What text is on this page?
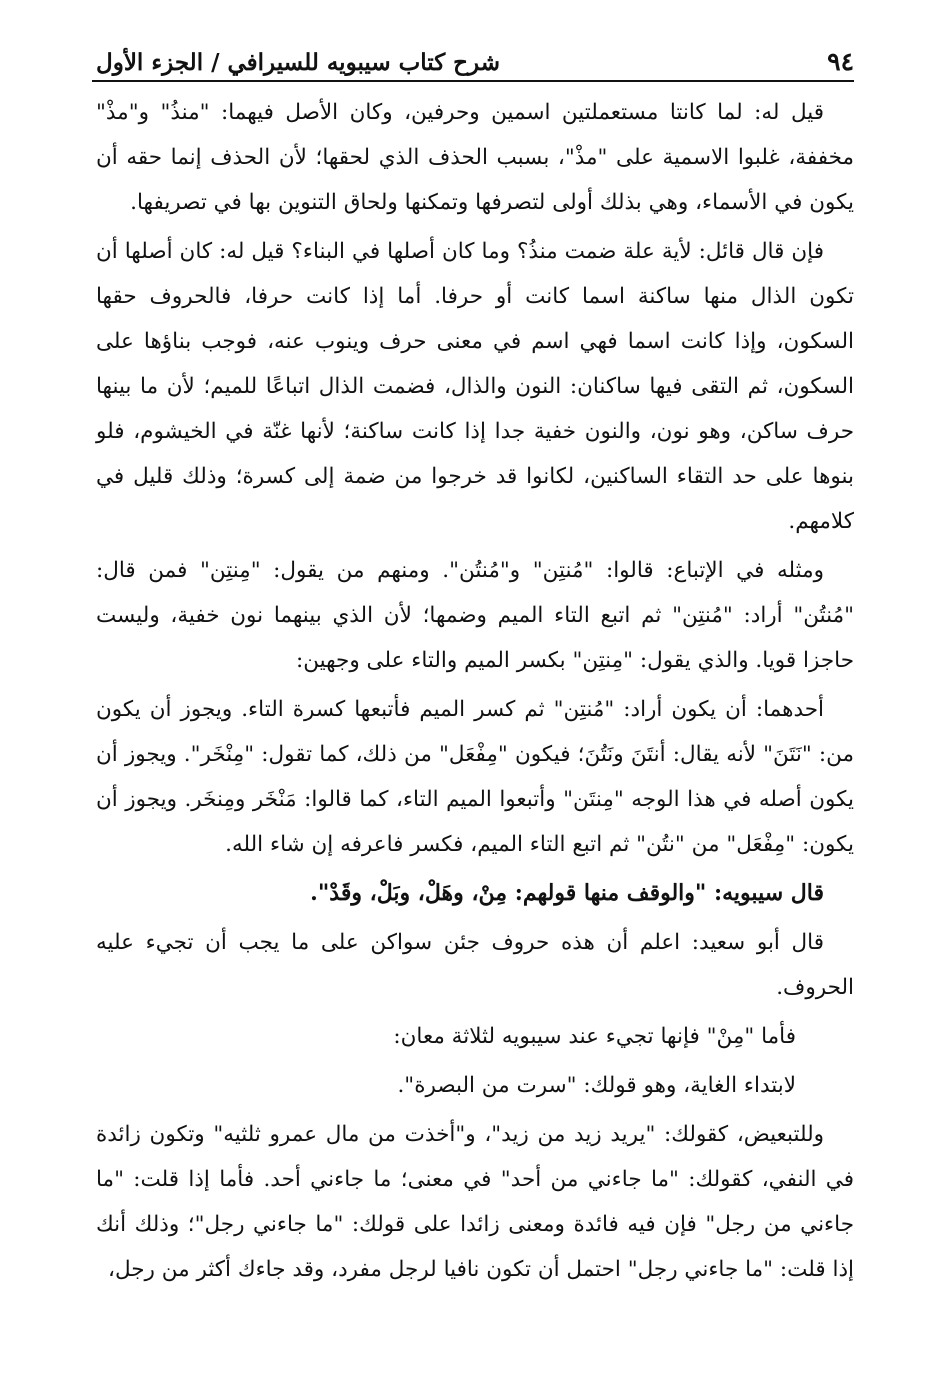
٩٤
شرح كتاب سيبويه للسيرافي / الجزء الأول

قيل له: لما كانتا مستعملتين اسمين وحرفين، وكان الأصل فيهما: "منذُ" و"مذْ" مخففة، غلبوا الاسمية على "مذْ"، بسبب الحذف الذي لحقها؛ لأن الحذف إنما حقه أن يكون في الأسماء، وهي بذلك أولى لتصرفها وتمكنها ولحاق التنوين بها في تصريفها.

فإن قال قائل: لأية علة ضمت منذُ؟ وما كان أصلها في البناء؟ قيل له: كان أصلها أن تكون الذال منها ساكنة اسما كانت أو حرفا. أما إذا كانت حرفا، فالحروف حقها السكون، وإذا كانت اسما فهي اسم في معنى حرف وينوب عنه، فوجب بناؤها على السكون، ثم التقى فيها ساكنان: النون والذال، فضمت الذال اتباعًا للميم؛ لأن ما بينها حرف ساكن، وهو نون، والنون خفية جدا إذا كانت ساكنة؛ لأنها غنّة في الخيشوم، فلو بنوها على حد التقاء الساكنين، لكانوا قد خرجوا من ضمة إلى كسرة؛ وذلك قليل في كلامهم.

ومثله في الإتباع: قالوا: "مُنتِن" و"مُنتُن". ومنهم من يقول: "مِنتِن" فمن قال: "مُنتُن" أراد: "مُنتِن" ثم اتبع التاء الميم وضمها؛ لأن الذي بينهما نون خفية، وليست حاجزا قويا. والذي يقول: "مِنتِن" بكسر الميم والتاء على وجهين:

أحدهما: أن يكون أراد: "مُنتِن" ثم كسر الميم فأتبعها كسرة التاء. ويجوز أن يكون من: "نَتَنَ" لأنه يقال: أنتَنَ ونَتُنَ؛ فيكون "مِفْعَل" من ذلك، كما تقول: "مِنْخَر". ويجوز أن يكون أصله في هذا الوجه "مِنتَن" وأتبعوا الميم التاء، كما قالوا: مَنْخَر ومِنخَر. ويجوز أن يكون: "مِفْعَل" من "نتُن" ثم اتبع التاء الميم، فكسر فاعرفه إن شاء الله.

قال سيبويه: "والوقف منها قولهم: مِنْ، وهَلْ، وبَلْ، وقَدْ".

قال أبو سعيد: اعلم أن هذه حروف جئن سواكن على ما يجب أن تجيء عليه الحروف.

فأما "مِنْ" فإنها تجيء عند سيبويه لثلاثة معان:

لابتداء الغاية، وهو قولك: "سرت من البصرة".

وللتبعيض، كقولك: "يريد زيد من زيد"، و"أخذت من مال عمرو ثلثيه" وتكون زائدة في النفي، كقولك: "ما جاءني من أحد" في معنى؛ ما جاءني أحد. فأما إذا قلت: "ما جاءني من رجل" فإن فيه فائدة ومعنى زائدا على قولك: "ما جاءني رجل"؛ وذلك أنك إذا قلت: "ما جاءني رجل" احتمل أن تكون نافيا لرجل مفرد، وقد جاءك أكثر من رجل،
